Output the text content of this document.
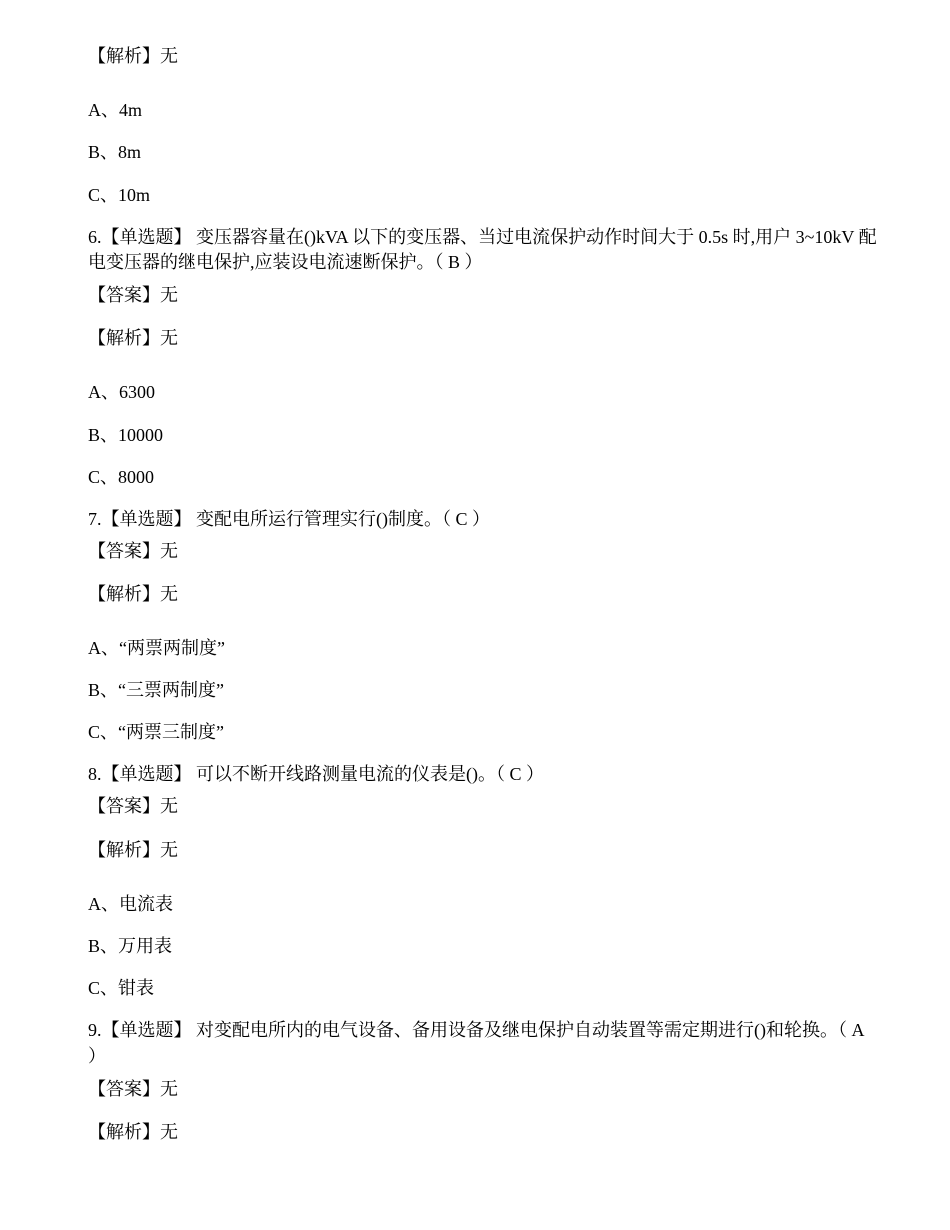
【解析】无
A、4m
B、8m
C、10m
6.【单选题】 变压器容量在()kVA 以下的变压器、当过电流保护动作时间大于 0.5s 时,用户 3~10kV 配
电变压器的继电保护,应装设电流速断保护。（ B ）
【答案】无
【解析】无
A、6300
B、10000
C、8000
7.【单选题】 变配电所运行管理实行()制度。（ C ）
【答案】无
【解析】无
A、“两票两制度”
B、“三票两制度”
C、“两票三制度”
8.【单选题】 可以不断开线路测量电流的仪表是()。（ C ）
【答案】无
【解析】无
A、电流表
B、万用表
C、钳表
9.【单选题】 对变配电所内的电气设备、备用设备及继电保护自动装置等需定期进行()和轮换。（ A
）
【答案】无
【解析】无
